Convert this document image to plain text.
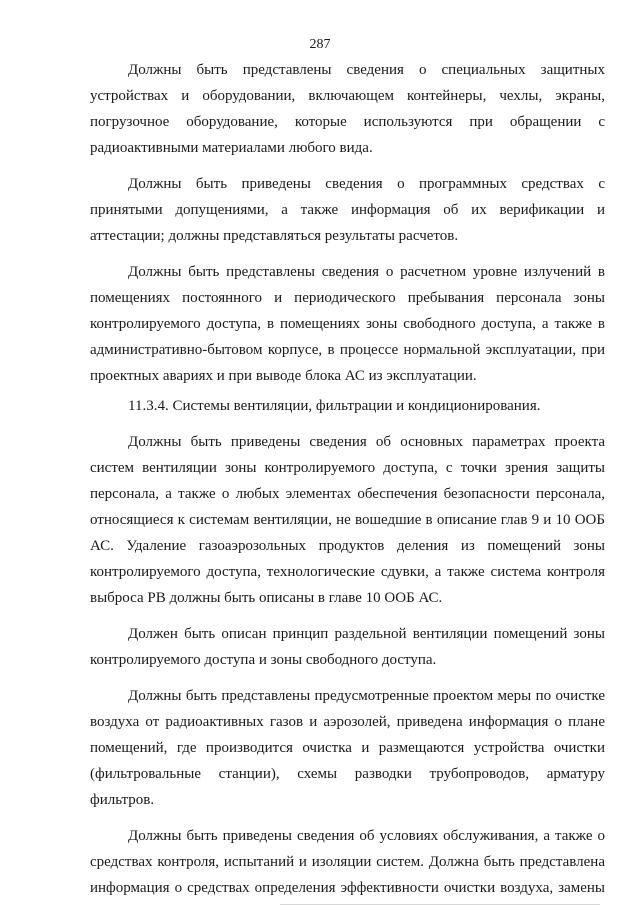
287
Должны быть представлены сведения о специальных защитных
устройствах и оборудовании, включающем контейнеры, чехлы, экраны,
погрузочное оборудование, которые используются при обращении с
радиоактивными материалами любого вида.
Должны быть приведены сведения о программных средствах с
принятыми допущениями, а также информация об их верификации и
аттестации; должны представляться результаты расчетов.
Должны быть представлены сведения о расчетном уровне излучений в
помещениях постоянного и периодического пребывания персонала зоны
контролируемого доступа, в помещениях зоны свободного доступа, а также в
административно-бытовом корпусе, в процессе нормальной эксплуатации, при
проектных авариях и при выводе блока АС из эксплуатации.
11.3.4. Системы вентиляции, фильтрации и кондиционирования.
Должны быть приведены сведения об основных параметрах проекта
систем вентиляции зоны контролируемого доступа, с точки зрения защиты
персонала, а также о любых элементах обеспечения безопасности персонала,
относящиеся к системам вентиляции, не вошедшие в описание глав 9 и 10 ООБ
АС. Удаление газоаэрозольных продуктов деления из помещений зоны
контролируемого доступа, технологические сдувки, а также система контроля
выброса РВ должны быть описаны в главе 10 ООБ АС.
Должен быть описан принцип раздельной вентиляции помещений зоны
контролируемого доступа и зоны свободного доступа.
Должны быть представлены предусмотренные проектом меры по очистке
воздуха от радиоактивных газов и аэрозолей, приведена информация о плане
помещений, где производится очистка и размещаются устройства очистки
(фильтровальные станции), схемы разводки трубопроводов, арматуру
фильтров.
Должны быть приведены сведения об условиях обслуживания, а также о
средствах контроля, испытаний и изоляции систем. Должна быть представлена
информация о средствах определения эффективности очистки воздуха, замены
